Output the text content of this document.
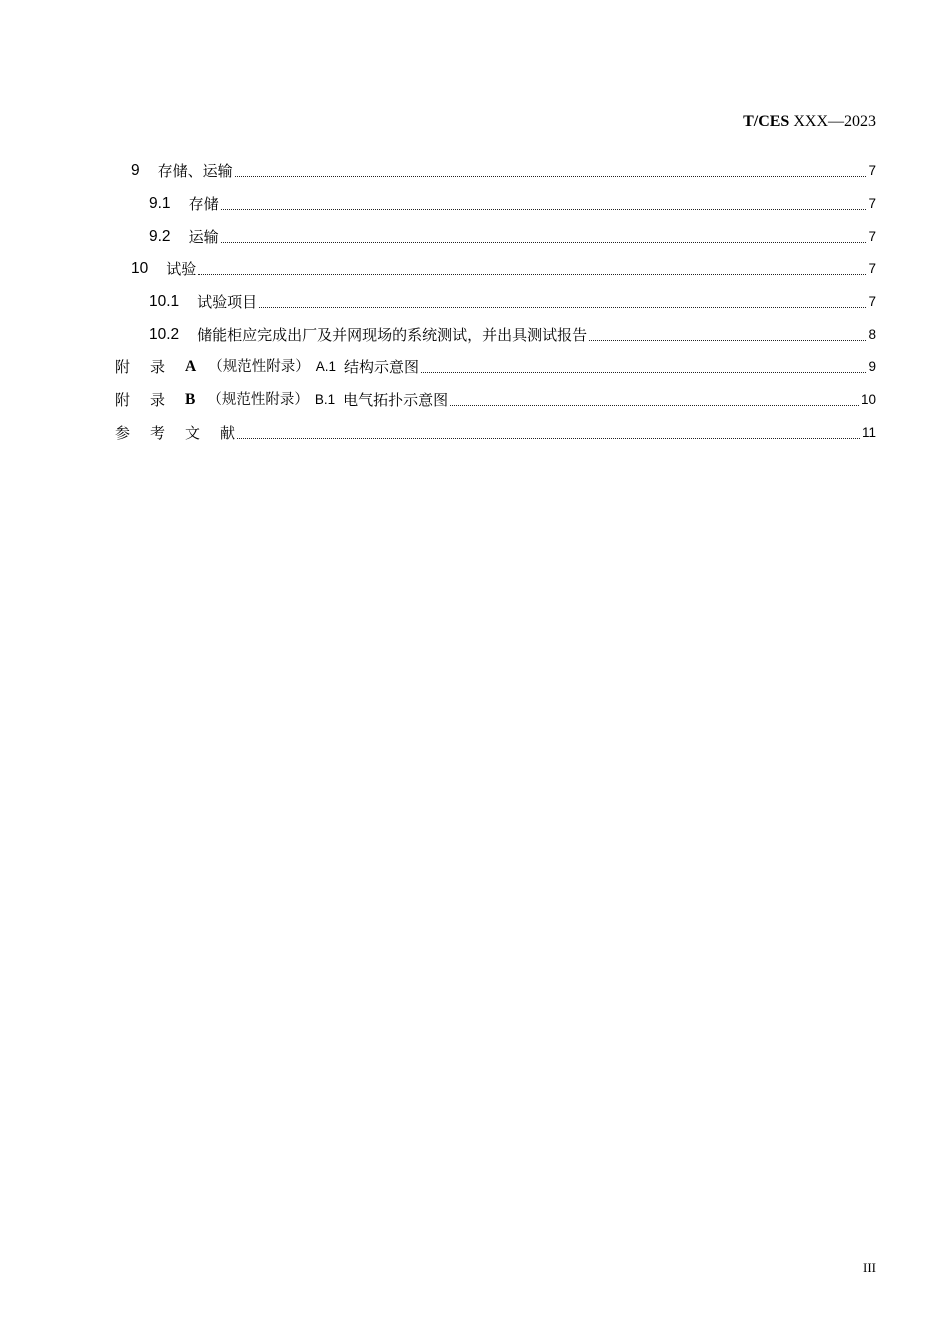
T/CES XXX—2023
9 存储、运输	7
9.1 存储	7
9.2 运输	7
10 试验	7
10.1 试验项目	7
10.2 储能柜应完成出厂及并网现场的系统测试，并出具测试报告	8
附 录 A （规范性附录） A.1 结构示意图	9
附 录 B （规范性附录） B.1 电气拓扑示意图	10
参 考 文 献	11
III
